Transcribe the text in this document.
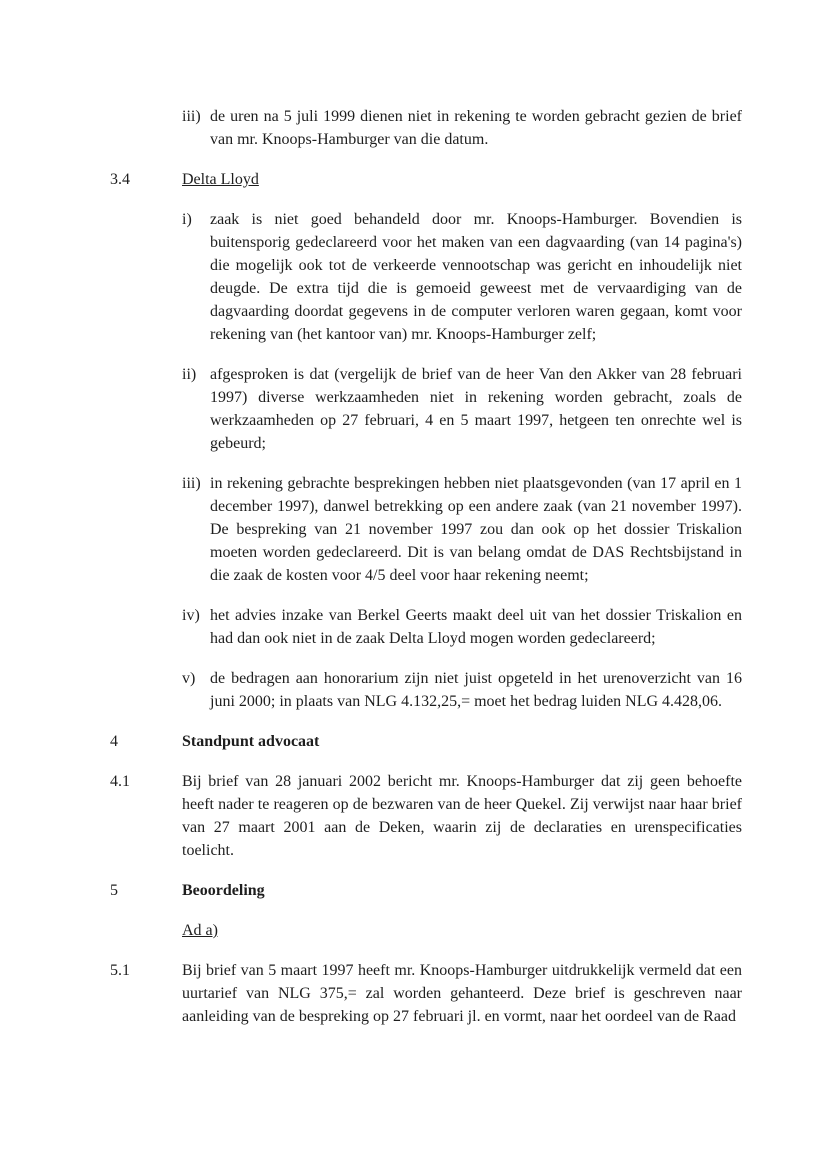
iii) de uren na 5 juli 1999 dienen niet in rekening te worden gebracht gezien de brief van mr. Knoops-Hamburger van die datum.
3.4	Delta Lloyd
i)	zaak is niet goed behandeld door mr. Knoops-Hamburger. Bovendien is buitensporig gedeclareerd voor het maken van een dagvaarding (van 14 pagina's) die mogelijk ook tot de verkeerde vennootschap was gericht en inhoudelijk niet deugde. De extra tijd die is gemoeid geweest met de vervaardiging van de dagvaarding doordat gegevens in de computer verloren waren gegaan, komt voor rekening van (het kantoor van) mr. Knoops-Hamburger zelf;
ii) afgesproken is dat (vergelijk de brief van de heer Van den Akker van 28 februari 1997) diverse werkzaamheden niet in rekening worden gebracht, zoals de werkzaamheden op 27 februari, 4 en 5 maart 1997, hetgeen ten onrechte wel is gebeurd;
iii) in rekening gebrachte besprekingen hebben niet plaatsgevonden (van 17 april en 1 december 1997), danwel betrekking op een andere zaak (van 21 november 1997). De bespreking van 21 november 1997 zou dan ook op het dossier Triskalion moeten worden gedeclareerd. Dit is van belang omdat de DAS Rechtsbijstand in die zaak de kosten voor 4/5 deel voor haar rekening neemt;
iv) het advies inzake van Berkel Geerts maakt deel uit van het dossier Triskalion en had dan ook niet in de zaak Delta Lloyd mogen worden gedeclareerd;
v) de bedragen aan honorarium zijn niet juist opgeteld in het urenoverzicht van 16 juni 2000; in plaats van NLG 4.132,25,= moet het bedrag luiden NLG 4.428,06.
4	Standpunt advocaat
4.1	Bij brief van 28 januari 2002 bericht mr. Knoops-Hamburger dat zij geen behoefte heeft nader te reageren op de bezwaren van de heer Quekel. Zij verwijst naar haar brief van 27 maart 2001 aan de Deken, waarin zij de declaraties en urenspecificaties toelicht.
5	Beoordeling
Ad a)
5.1	Bij brief van 5 maart 1997 heeft mr. Knoops-Hamburger uitdrukkelijk vermeld dat een uurtarief van NLG 375,= zal worden gehanteerd. Deze brief is geschreven naar aanleiding van de bespreking op 27 februari jl. en vormt, naar het oordeel van de Raad
